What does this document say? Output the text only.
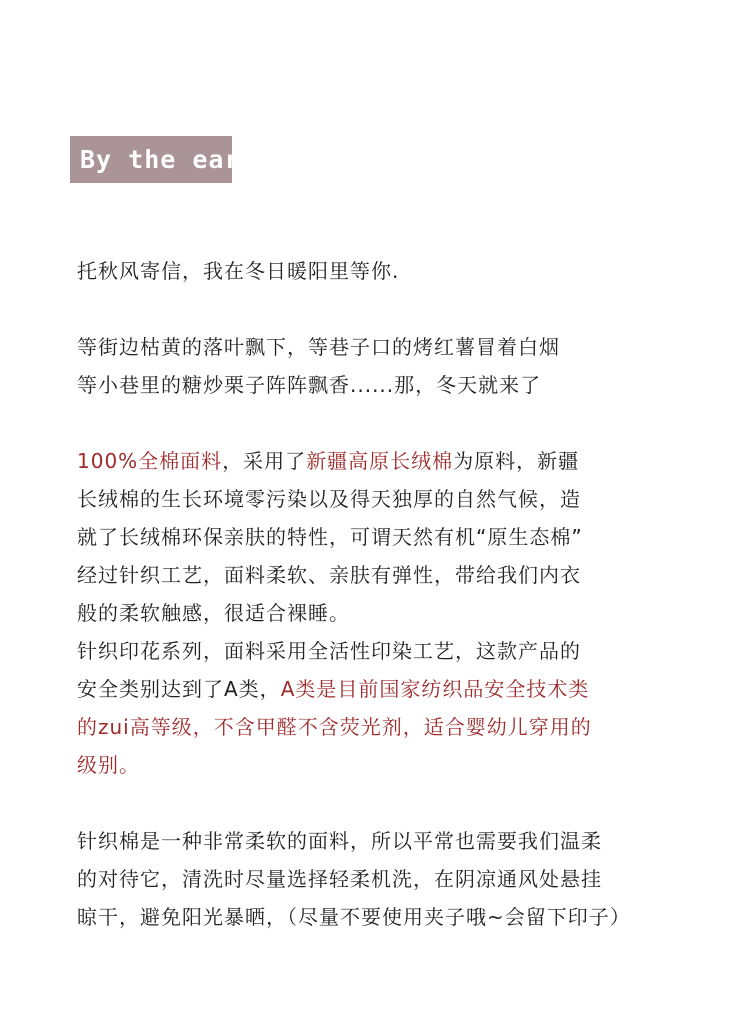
By the ear
托秋风寄信，我在冬日暖阳里等你.
等街边枯黄的落叶飘下，等巷子口的烤红薯冒着白烟
等小巷里的糖炒栗子阵阵飘香......那，冬天就来了
100%全棉面料，采用了新疆高原长绒棉为原料，新疆
长绒棉的生长环境零污染以及得天独厚的自然气候，造
就了长绒棉环保亲肤的特性，可谓天然有机“原生态棉”
经过针织工艺，面料柔软、亲肤有弹性，带给我们内衣
般的柔软触感，很适合裸睡。
针织印花系列，面料采用全活性印染工艺，这款产品的
安全类别达到了A类，A类是目前国家纺织品安全技术类
的zui高等级，不含甲醛不含荧光剂，适合婴幼儿穿用的
级别。
针织棉是一种非常柔软的面料，所以平常也需要我们温柔
的对待它，清洗时尽量选择轻柔机洗，在阴凉通风处悬挂
晾干，避免阳光暴晒，（尽量不要使用夹子哦~会留下印子）
